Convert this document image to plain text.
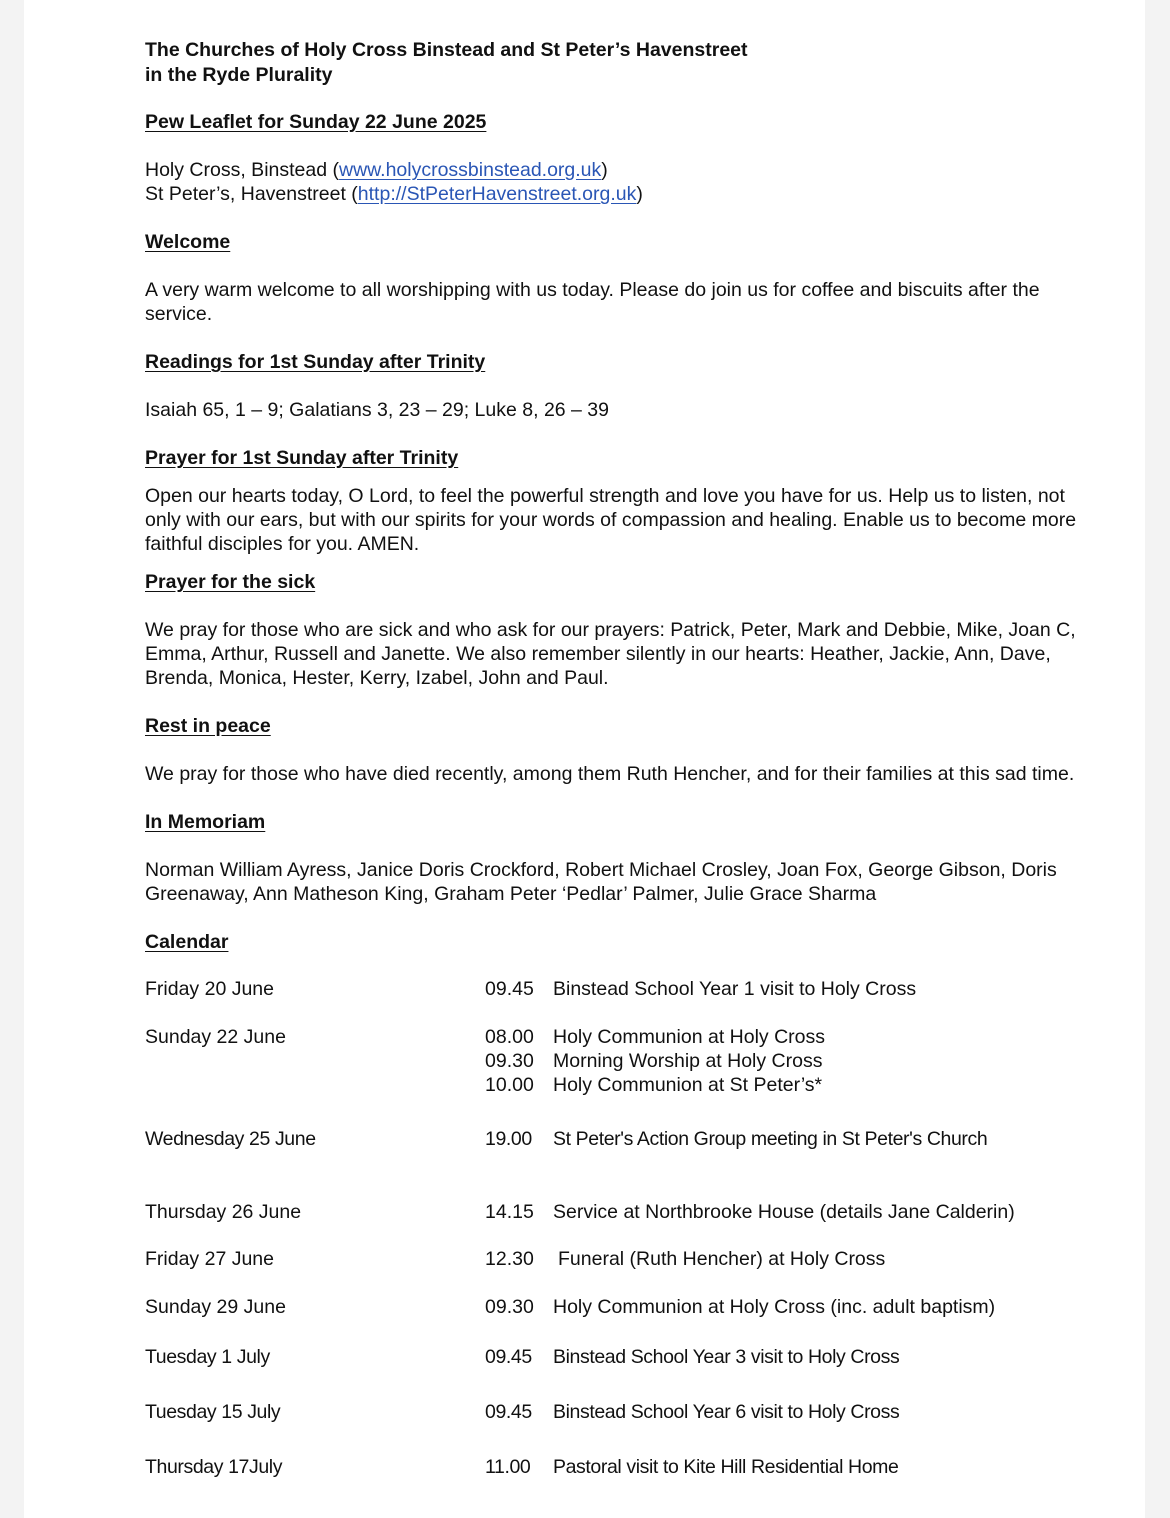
The Churches of Holy Cross Binstead and St Peter’s Havenstreet

in the Ryde Plurality

Pew Leaflet for Sunday 22 June 2025

Holy Cross, Binstead (www.holycrossbinstead.org.uk)

St Peter’s, Havenstreet (http://StPeterHavenstreet.org.uk)

Welcome

A very warm welcome to all worshipping with us today. Please do join us for coffee and biscuits after the service.

Readings for 1st Sunday after Trinity

Isaiah 65, 1 – 9; Galatians 3, 23 – 29; Luke 8, 26 – 39

Prayer for 1st Sunday after Trinity

Open our hearts today, O Lord, to feel the powerful strength and love you have for us. Help us to listen, not only with our ears, but with our spirits for your words of compassion and healing. Enable us to become more faithful disciples for you. AMEN.

Prayer for the sick

We pray for those who are sick and who ask for our prayers: Patrick, Peter, Mark and Debbie, Mike, Joan C, Emma, Arthur, Russell and Janette. We also remember silently in our hearts: Heather, Jackie, Ann, Dave, Brenda, Monica, Hester, Kerry, Izabel, John and Paul.

Rest in peace

We pray for those who have died recently, among them Ruth Hencher, and for their families at this sad time.

In Memoriam

Norman William Ayress, Janice Doris Crockford, Robert Michael Crosley, Joan Fox, George Gibson, Doris Greenaway, Ann Matheson King, Graham Peter ‘Pedlar’ Palmer, Julie Grace Sharma

Calendar

Friday 20 June	09.45 Binstead School Year 1 visit to Holy Cross
Sunday 22 June	08.00 Holy Communion at Holy Cross
09.30 Morning Worship at Holy Cross
10.00 Holy Communion at St Peter’s*
Wednesday 25 June	19.00	St Peter's Action Group meeting in St Peter's Church
Thursday 26 June	14.15 Service at Northbrooke House (details Jane Calderin)
Friday 27 June	12.30	Funeral (Ruth Hencher) at Holy Cross
Sunday 29 June	09.30 Holy Communion at Holy Cross (inc. adult baptism)
Tuesday 1 July	09.45	Binstead School Year 3 visit to Holy Cross
Tuesday 15 July	09.45	Binstead School Year 6 visit to Holy Cross
Thursday 17July	11.00	Pastoral visit to Kite Hill Residential Home
